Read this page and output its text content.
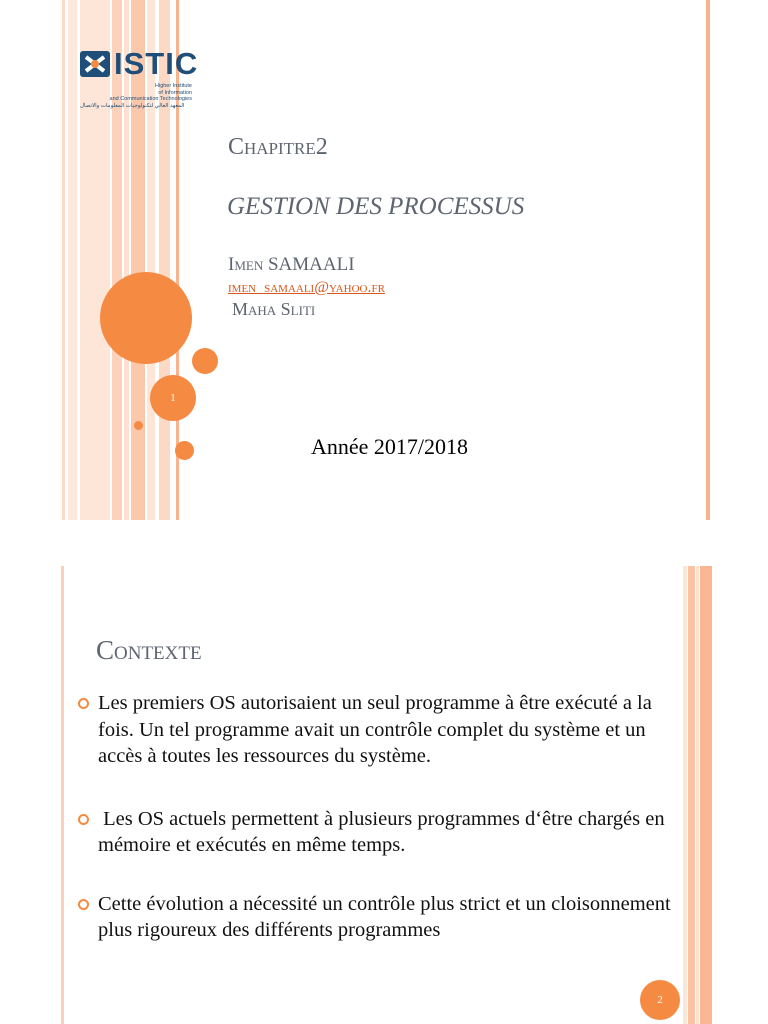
ISTIC
Higher Institute
of Information
and Communication Technologies
المعهد العالي لتكنولوجيات المعلومات والاتصال
1
Chapitre2
GESTION DES PROCESSUS
Imen SAMAALI
imen_samaali@yahoo.fr
Maha Sliti
Année 2017/2018
Contexte
Les premiers OS autorisaient un seul programme à être exécuté a la fois. Un tel programme avait un contrôle complet du système et un accès à toutes les ressources du système.
Les OS actuels permettent à plusieurs programmes d‘être chargés en mémoire et exécutés en même temps.
Cette évolution a nécessité un contrôle plus strict et un cloisonnement plus rigoureux des différents programmes
2
